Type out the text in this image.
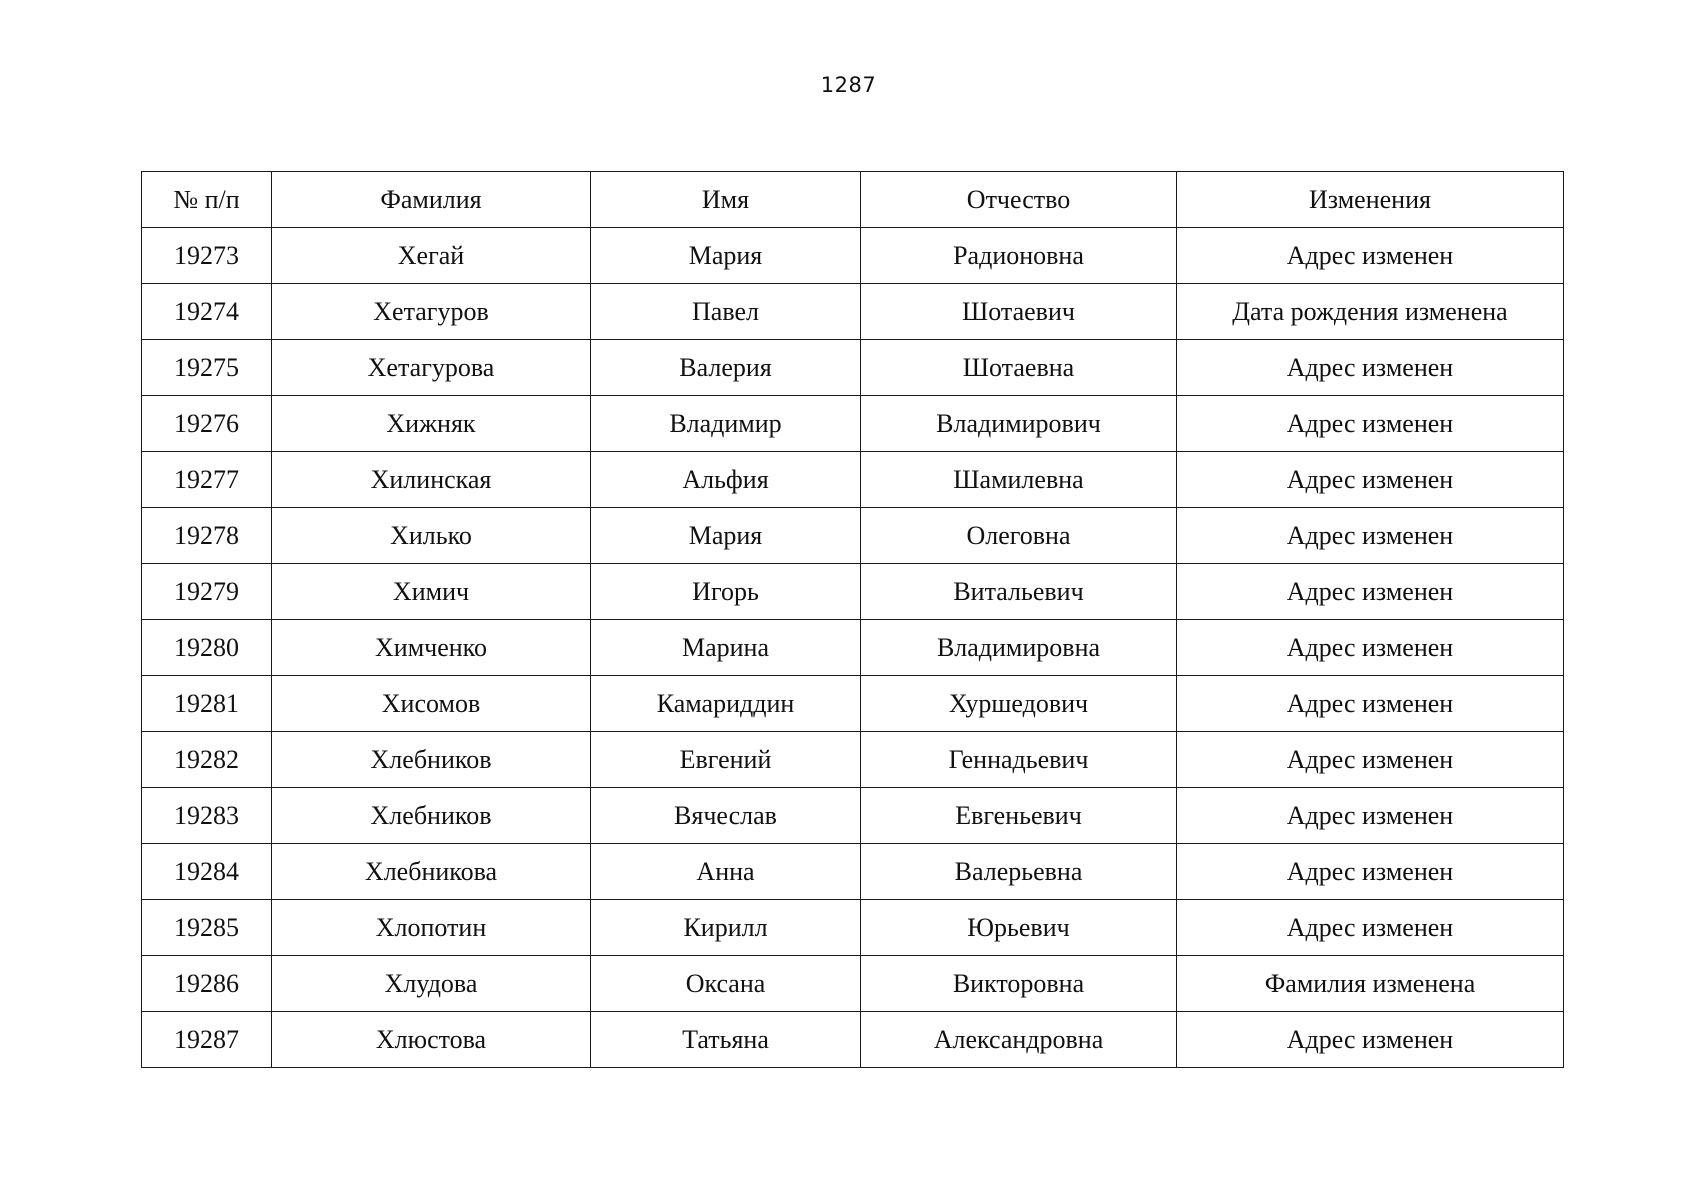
1287
№ п/п	Фамилия	Имя	Отчество	Изменения
19273	Хегай	Мария	Радионовна	Адрес изменен
19274	Хетагуров	Павел	Шотаевич	Дата рождения изменена
19275	Хетагурова	Валерия	Шотаевна	Адрес изменен
19276	Хижняк	Владимир	Владимирович	Адрес изменен
19277	Хилинская	Альфия	Шамилевна	Адрес изменен
19278	Хилько	Мария	Олеговна	Адрес изменен
19279	Химич	Игорь	Витальевич	Адрес изменен
19280	Химченко	Марина	Владимировна	Адрес изменен
19281	Хисомов	Камариддин	Хуршедович	Адрес изменен
19282	Хлебников	Евгений	Геннадьевич	Адрес изменен
19283	Хлебников	Вячеслав	Евгеньевич	Адрес изменен
19284	Хлебникова	Анна	Валерьевна	Адрес изменен
19285	Хлопотин	Кирилл	Юрьевич	Адрес изменен
19286	Хлудова	Оксана	Викторовна	Фамилия изменена
19287	Хлюстова	Татьяна	Александровна	Адрес изменен
